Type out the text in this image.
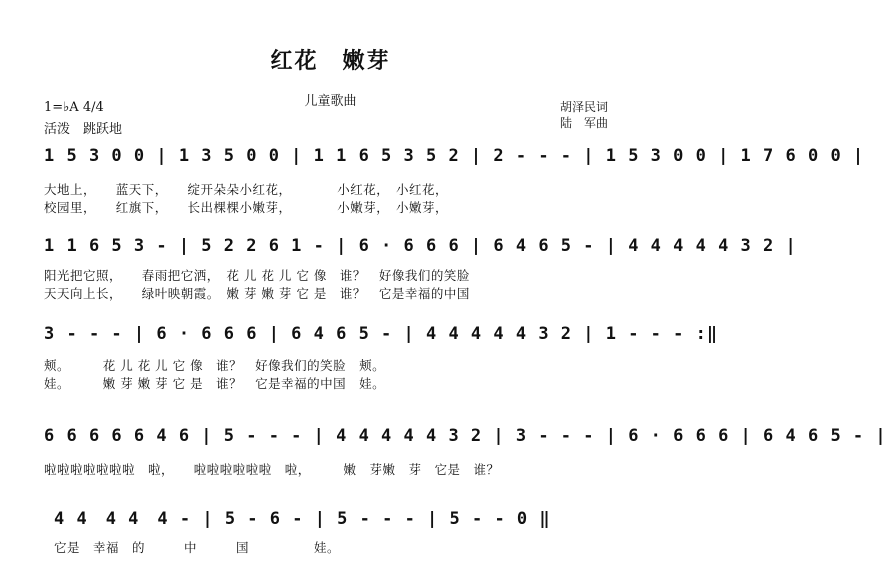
红花　嫩芽
儿童歌曲
1=♭A 4/4
活泼　跳跃地
胡泽民词
陆　军曲
1 5 3 0 0 | 1 3 5 0 0 | 1 1 6 5 3 5 2 | 2 - - - | 1 5 3 0 0 | 1 7 6 0 0 |
大地上，　　蓝天下，　　绽开朵朵小红花，　　　　小红花，　小红花，
校园里，　　红旗下，　　长出棵棵小嫩芽，　　　　小嫩芽，　小嫩芽，
1 1 6 5 3 - | 5 2 2 6 1 - | 6 · 6 6 6 | 6 4 6 5 - | 4 4 4 4 4 3 2 |
阳光把它照，　　春雨把它洒，　花 儿 花 儿 它 像　谁？　好像我们的笑脸
天天向上长，　　绿叶映朝霞。　嫩 芽 嫩 芽 它 是　谁？　它是幸福的中国
3 - - - | 6 · 6 6 6 | 6 4 6 5 - | 4 4 4 4 4 3 2 | 1 - - - :‖
颊。　　　花 儿 花 儿 它 像　谁？　好像我们的笑脸　颊。
娃。　　　嫩 芽 嫩 芽 它 是　谁？　它是幸福的中国　娃。
6 6 6 6 6 4 6 | 5 - - - | 4 4 4 4 4 3 2 | 3 - - - | 6 · 6 6 6 | 6 4 6 5 - |
啦啦啦啦啦啦啦　啦，　　啦啦啦啦啦啦　啦，　　　嫩　芽嫩　芽　它是　谁？
4 4　4 4　4 - | 5 - 6 - | 5 - - - | 5 - - 0 ‖
它是　幸福　的　　　中　　　国　　　　　娃。
